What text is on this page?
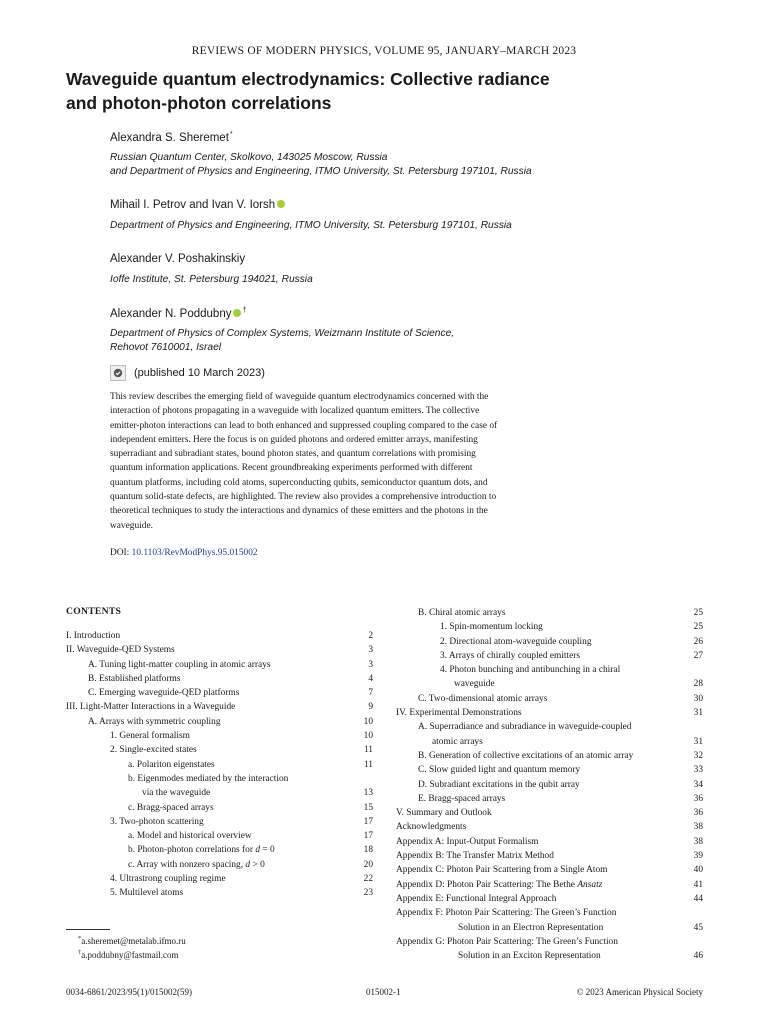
REVIEWS OF MODERN PHYSICS, VOLUME 95, JANUARY–MARCH 2023
Waveguide quantum electrodynamics: Collective radiance
and photon-photon correlations
Alexandra S. Sheremet*
Russian Quantum Center, Skolkovo, 143025 Moscow, Russia
and Department of Physics and Engineering, ITMO University, St. Petersburg 197101, Russia
Mihail I. Petrov and Ivan V. Iorsh
Department of Physics and Engineering, ITMO University, St. Petersburg 197101, Russia
Alexander V. Poshakinskiy
Ioffe Institute, St. Petersburg 194021, Russia
Alexander N. Poddubny †
Department of Physics of Complex Systems, Weizmann Institute of Science,
Rehovot 7610001, Israel
(published 10 March 2023)
This review describes the emerging field of waveguide quantum electrodynamics concerned with the
interaction of photons propagating in a waveguide with localized quantum emitters. The collective
emitter-photon interactions can lead to both enhanced and suppressed coupling compared to the case of
independent emitters. Here the focus is on guided photons and ordered emitter arrays, manifesting
superradiant and subradiant states, bound photon states, and quantum correlations with promising
quantum information applications. Recent groundbreaking experiments performed with different
quantum platforms, including cold atoms, superconducting qubits, semiconductor quantum dots, and
quantum solid-state defects, are highlighted. The review also provides a comprehensive introduction to
theoretical techniques to study the interactions and dynamics of these emitters and the photons in the
waveguide.
DOI: 10.1103/RevModPhys.95.015002
CONTENTS
I. Introduction	2
II. Waveguide-QED Systems	3
A. Tuning light-matter coupling in atomic arrays	3
B. Established platforms	4
C. Emerging waveguide-QED platforms	7
III. Light-Matter Interactions in a Waveguide	9
A. Arrays with symmetric coupling	10
1. General formalism	10
2. Single-excited states	11
a. Polariton eigenstates	11
b. Eigenmodes mediated by the interaction
via the waveguide	13
c. Bragg-spaced arrays	15
3. Two-photon scattering	17
a. Model and historical overview	17
b. Photon-photon correlations for d = 0	18
c. Array with nonzero spacing, d > 0	20
4. Ultrastrong coupling regime	22
5. Multilevel atoms	23
B. Chiral atomic arrays	25
1. Spin-momentum locking	25
2. Directional atom-waveguide coupling	26
3. Arrays of chirally coupled emitters	27
4. Photon bunching and antibunching in a chiral
waveguide	28
C. Two-dimensional atomic arrays	30
IV. Experimental Demonstrations	31
A. Superradiance and subradiance in waveguide-coupled
atomic arrays	31
B. Generation of collective excitations of an atomic array	32
C. Slow guided light and quantum memory	33
D. Subradiant excitations in the qubit array	34
E. Bragg-spaced arrays	36
V. Summary and Outlook	36
Acknowledgments	38
Appendix A: Input-Output Formalism	38
Appendix B: The Transfer Matrix Method	39
Appendix C: Photon Pair Scattering from a Single Atom	40
Appendix D: Photon Pair Scattering: The Bethe Ansatz	41
Appendix E: Functional Integral Approach	44
Appendix F: Photon Pair Scattering: The Green’s Function
Solution in an Electron Representation	45
Appendix G: Photon Pair Scattering: The Green’s Function
Solution in an Exciton Representation	46
*a.sheremet@metalab.ifmo.ru
†a.poddubny@fastmail.com
0034-6861/2023/95(1)/015002(59)	015002-1	© 2023 American Physical Society
